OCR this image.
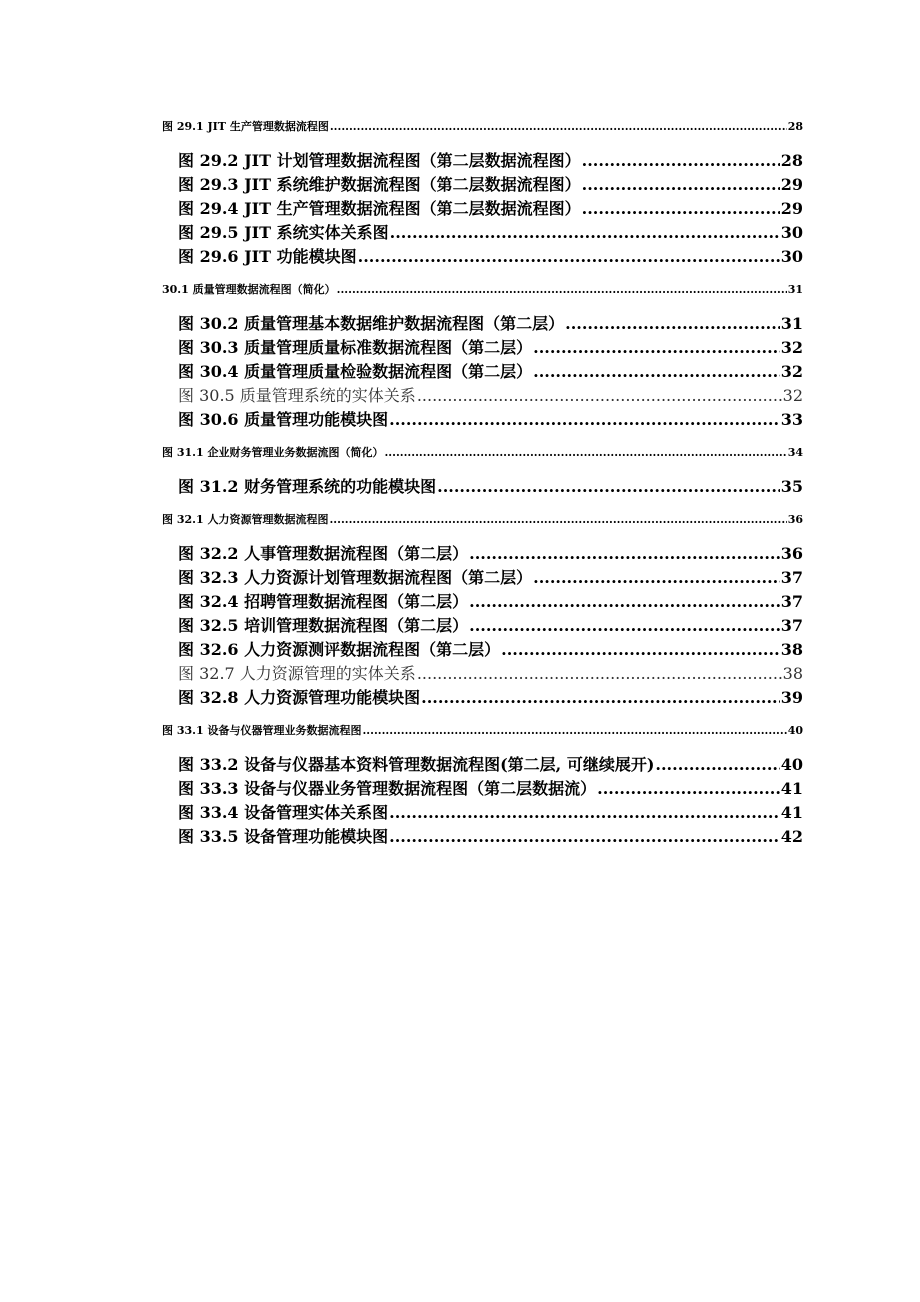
图 29.1 JIT 生产管理数据流程图 .....	28
图 29.2 JIT 计划管理数据流程图（第二层数据流程图） .....	28
图 29.3 JIT 系统维护数据流程图（第二层数据流程图） .....	29
图 29.4 JIT 生产管理数据流程图（第二层数据流程图） .....	29
图 29.5 JIT 系统实体关系图 .....	30
图 29.6 JIT 功能模块图 .....	30
30.1 质量管理数据流程图（简化） .....	31
图 30.2 质量管理基本数据维护数据流程图（第二层） .....	31
图 30.3 质量管理质量标准数据流程图（第二层） .....	32
图 30.4 质量管理质量检验数据流程图（第二层） .....	32
图 30.5 质量管理系统的实体关系 .....	32
图 30.6 质量管理功能模块图 .....	33
图 31.1 企业财务管理业务数据流图（简化） .....	34
图 31.2 财务管理系统的功能模块图 .....	35
图 32.1 人力资源管理数据流程图 .....	36
图 32.2 人事管理数据流程图（第二层） .....	36
图 32.3 人力资源计划管理数据流程图（第二层） .....	37
图 32.4 招聘管理数据流程图（第二层） .....	37
图 32.5 培训管理数据流程图（第二层） .....	37
图 32.6 人力资源测评数据流程图（第二层） .....	38
图 32.7 人力资源管理的实体关系 .....	38
图 32.8 人力资源管理功能模块图 .....	39
图 33.1 设备与仪器管理业务数据流程图 .....	40
图 33.2 设备与仪器基本资料管理数据流程图(第二层, 可继续展开) .....	40
图 33.3 设备与仪器业务管理数据流程图（第二层数据流） .....	41
图 33.4 设备管理实体关系图 .....	41
图 33.5 设备管理功能模块图 .....	42
